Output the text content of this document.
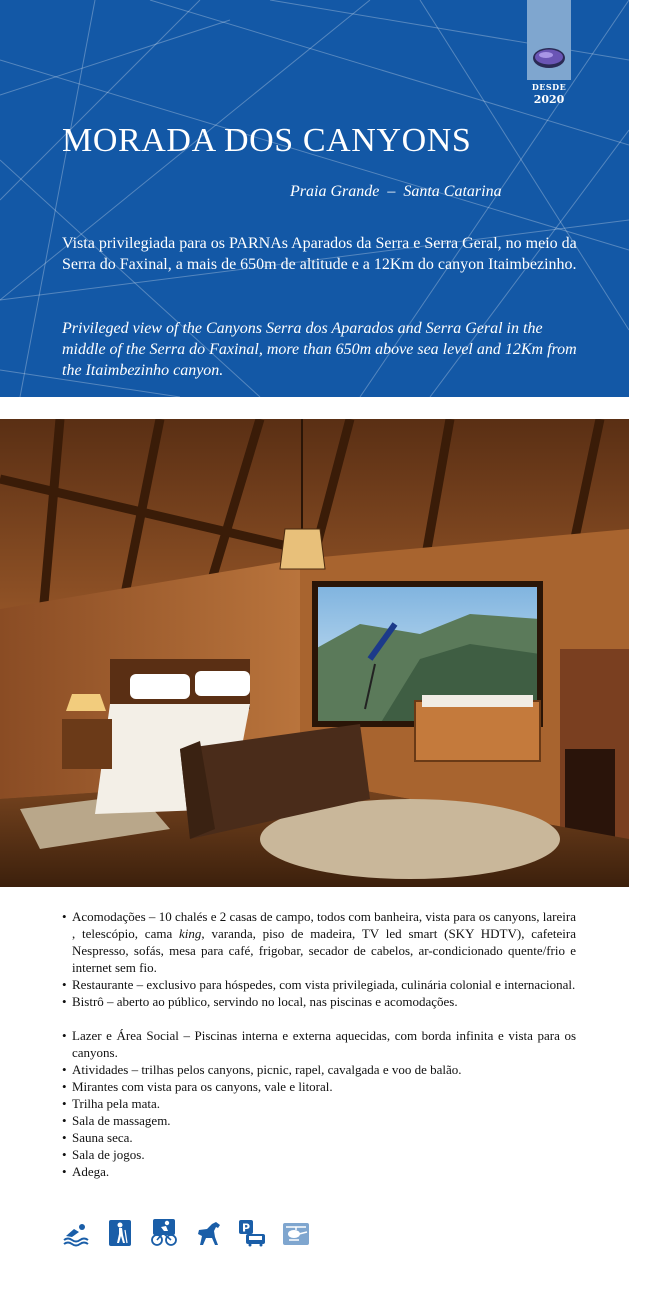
DESDE
2020
MORADA DOS CANYONS
Praia Grande  –  Santa Catarina

Vista privilegiada para os PARNAs Aparados da Serra e Serra Geral, no meio da Serra do Faxinal, a mais de 650m de altitude e a 12Km do canyon Itaimbezinho.

Privileged view of the Canyons Serra dos Aparados and Serra Geral in the middle of the Serra do Faxinal, more than 650m above sea level and 12Km from the Itaimbezinho canyon.

• Acomodações – 10 chalés e 2 casas de campo, todos com banheira, vista para os canyons, lareira , telescópio, cama king, varanda, piso de madeira, TV led smart (SKY HDTV), cafeteira Nespresso, sofás, mesa para café, frigobar, secador de cabelos, ar-condicionado quente/frio e internet sem fio.
• Restaurante – exclusivo para hóspedes, com vista privilegiada, culinária colonial e internacional.
• Bistrô – aberto ao público, servindo no local, nas piscinas e acomodações.
• Lazer e Área Social – Piscinas interna e externa aquecidas, com borda infinita e vista para os canyons.
• Atividades – trilhas pelos canyons, picnic, rapel, cavalgada e voo de balão.
• Mirantes com vista para os canyons, vale e litoral.
• Trilha pela mata.
• Sala de massagem.
• Sauna seca.
• Sala de jogos.
• Adega.
P
